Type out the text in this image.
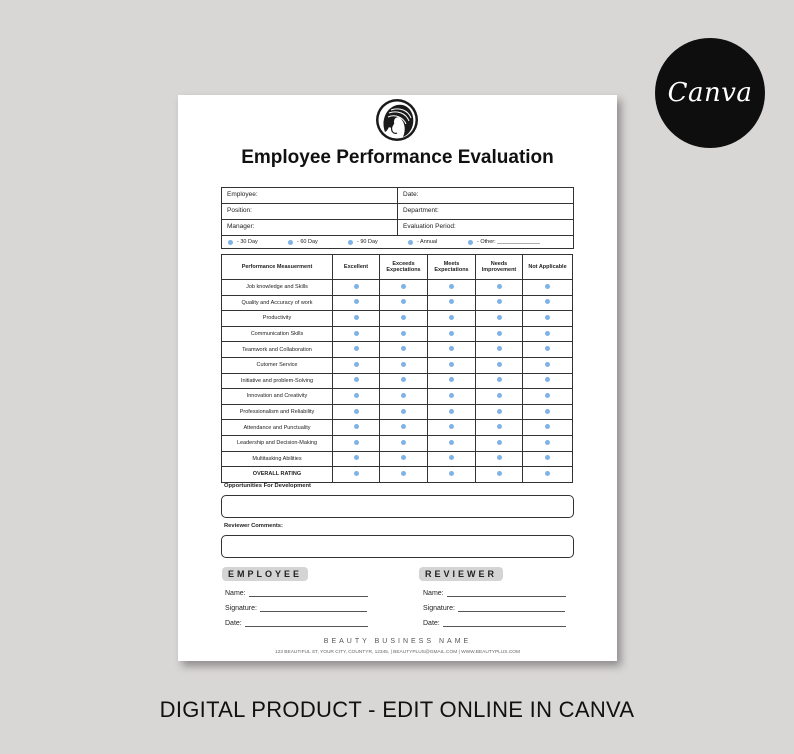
Canva
Employee Performance Evaluation
Employee:	Date:
Position:	Department:
Manager:	Evaluation Period:
- 30 Day	- 60 Day	- 90 Day	- Annual	- Other: ______________
Performance Measuerment	Excellent	Exceeds Expectations	Meets Expectations	Needs Improvement	Not Applicable
Job knowledge and Skills					
Quality and Accuracy of work					
Productivity					
Communication Skills					
Teamwork and Collaboration					
Cutomer Service					
Initiative and problem-Solving					
Innovation and Creativity					
Professionalism and Reliability					
Attendance and Punctuality					
Leadership and Decision-Making					
Multitasking Abilities					
OVERALL RATING					
Opportunities For Development
Reviewer Comments:
EMPLOYEE	REVIEWER
Name:
Signature:
Date:
Name:
Signature:
Date:
BEAUTY BUSINESS NAME
123 BEAUTIFUL ST, YOUR CITY, COUNTYR, 12345, | BEAUTYPLUS@GMAIL.COM | WWW.BEAUTYPLUS.COM
DIGITAL PRODUCT - EDIT ONLINE IN CANVA
